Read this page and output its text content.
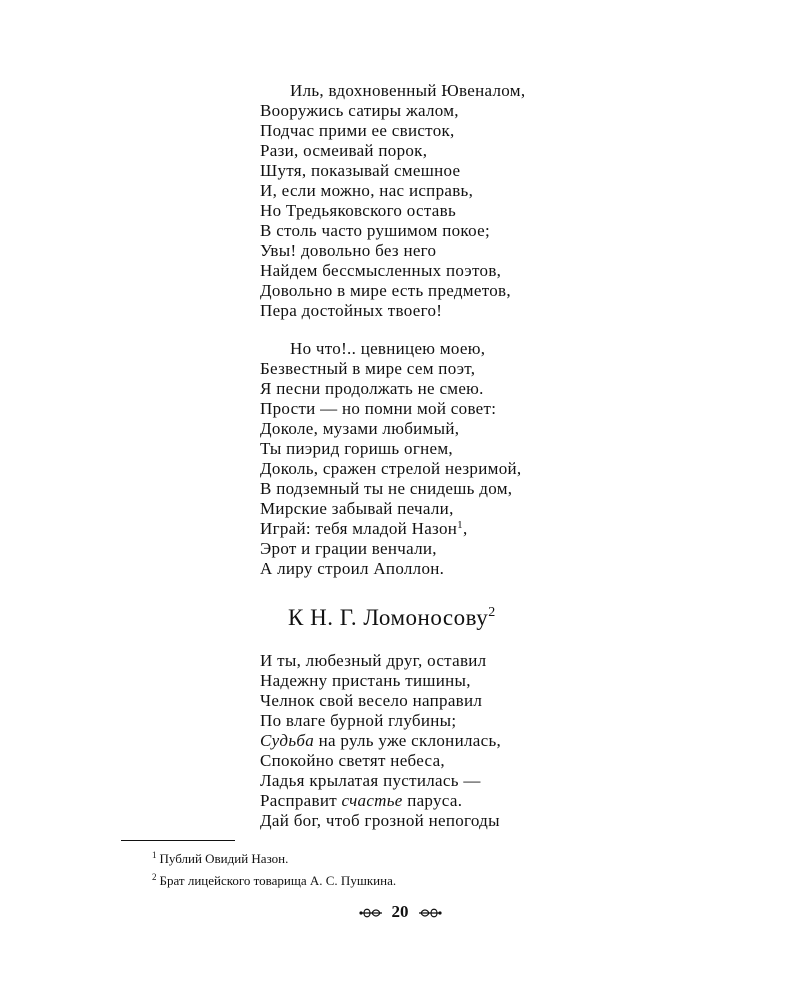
Иль, вдохновенный Ювеналом,
Вооружись сатиры жалом,
Подчас прими ее свисток,
Рази, осмеивай порок,
Шутя, показывай смешное
И, если можно, нас исправь,
Но Тредьяковского оставь
В столь часто рушимом покое;
Увы! довольно без него
Найдем бессмысленных поэтов,
Довольно в мире есть предметов,
Пера достойных твоего!
Но что!.. цевницею моею,
Безвестный в мире сем поэт,
Я песни продолжать не смею.
Прости — но помни мой совет:
Доколе, музами любимый,
Ты пиэрид горишь огнем,
Доколь, сражен стрелой незримой,
В подземный ты не снидешь дом,
Мирские забывай печали,
Играй: тебя младой Назон$^1$,
Эрот и грации венчали,
А лиру строил Аполлон.
К Н. Г. Ломоносову$^2$
И ты, любезный друг, оставил
Надежну пристань тишины,
Челнок свой весело направил
По влаге бурной глубины;
Судьба на руль уже склонилась,
Спокойно светят небеса,
Ладья крылатая пустилась —
Расправит счастье паруса.
Дай бог, чтоб грозной непогоды
$^1$ Публий Овидий Назон.
$^2$ Брат лицейского товарища А. С. Пушкина.
20
